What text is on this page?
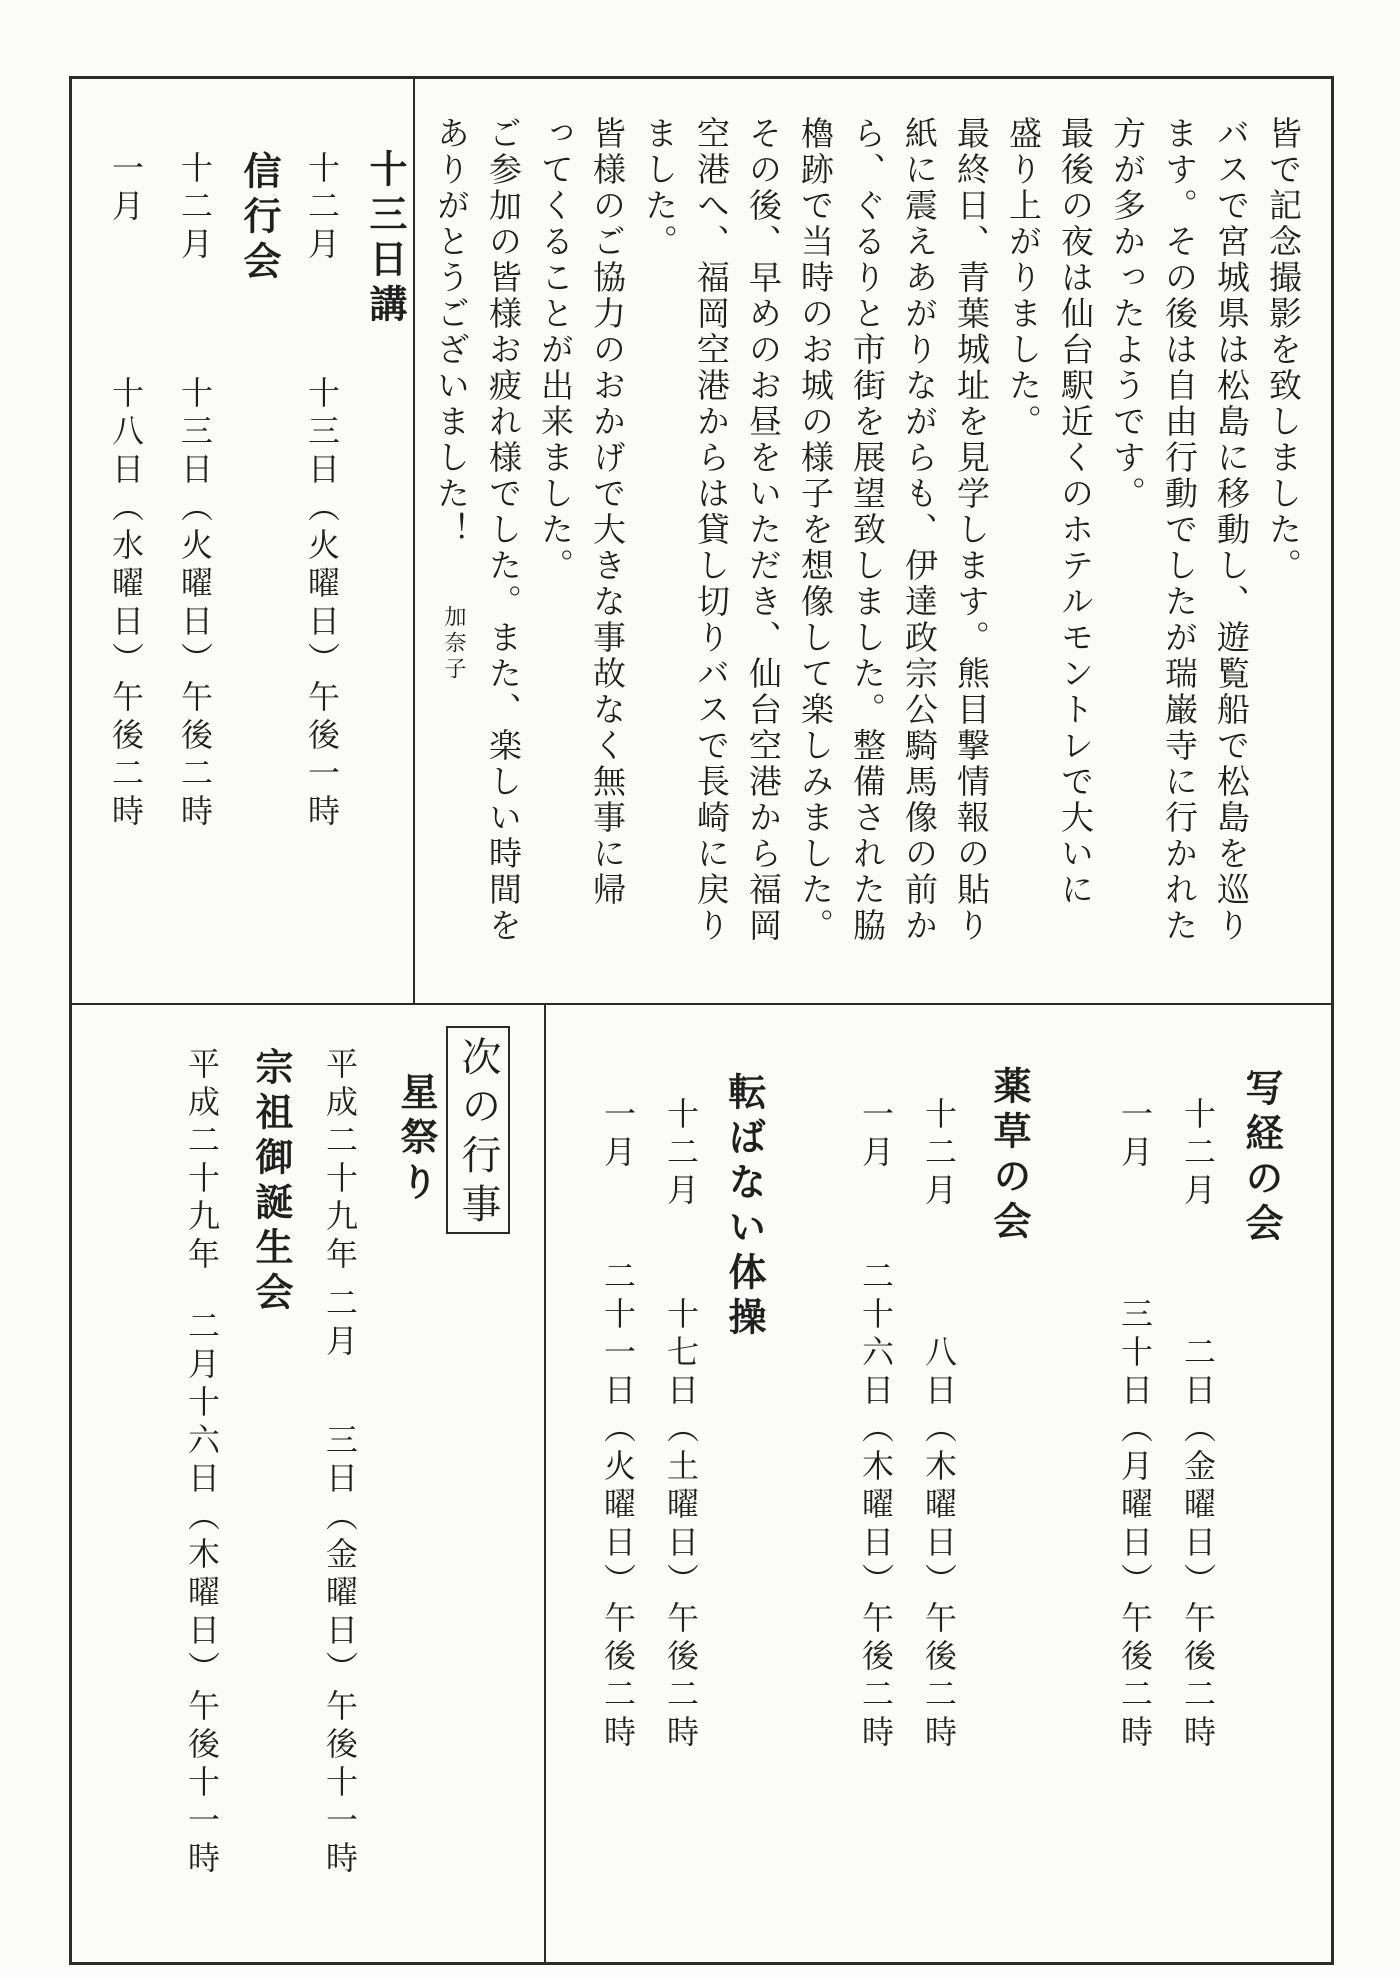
皆で記念撮影を致しました。
バスで宮城県は松島に移動し、遊覧船で松島を巡り
ます。その後は自由行動でしたが瑞巌寺に行かれた
方が多かったようです。
最後の夜は仙台駅近くのホテルモントレで大いに
盛り上がりました。
最終日、青葉城址を見学します。熊目撃情報の貼り
紙に震えあがりながらも、伊達政宗公騎馬像の前か
ら、ぐるりと市街を展望致しました。整備された脇
櫓跡で当時のお城の様子を想像して楽しみました。
その後、早めのお昼をいただき、仙台空港から福岡
空港へ、福岡空港からは貸し切りバスで長崎に戻り
ました。
皆様のご協力のおかげで大きな事故なく無事に帰
ってくることが出来ました。
ご参加の皆様お疲れ様でした。また、楽しい時間を
ありがとうございました！
加奈子
十三日講
十二月
十三日（火曜日）午後一時
信行会
十二月
十三日（火曜日）午後二時
一月
十八日（水曜日）午後二時
写経の会
十二月
二日（金曜日）午後二時
一月
三十日（月曜日）午後二時
薬草の会
十二月
八日（木曜日）午後二時
一月
二十六日（木曜日）午後二時
転ばない体操
十二月
十七日（土曜日）午後二時
一月
二十一日（火曜日）午後二時
次の行事
星祭り
平成二十九年
二月
三日（金曜日）午後十一時
宗祖御誕生会
平成二十九年
二月十六日（木曜日）午後十一時
